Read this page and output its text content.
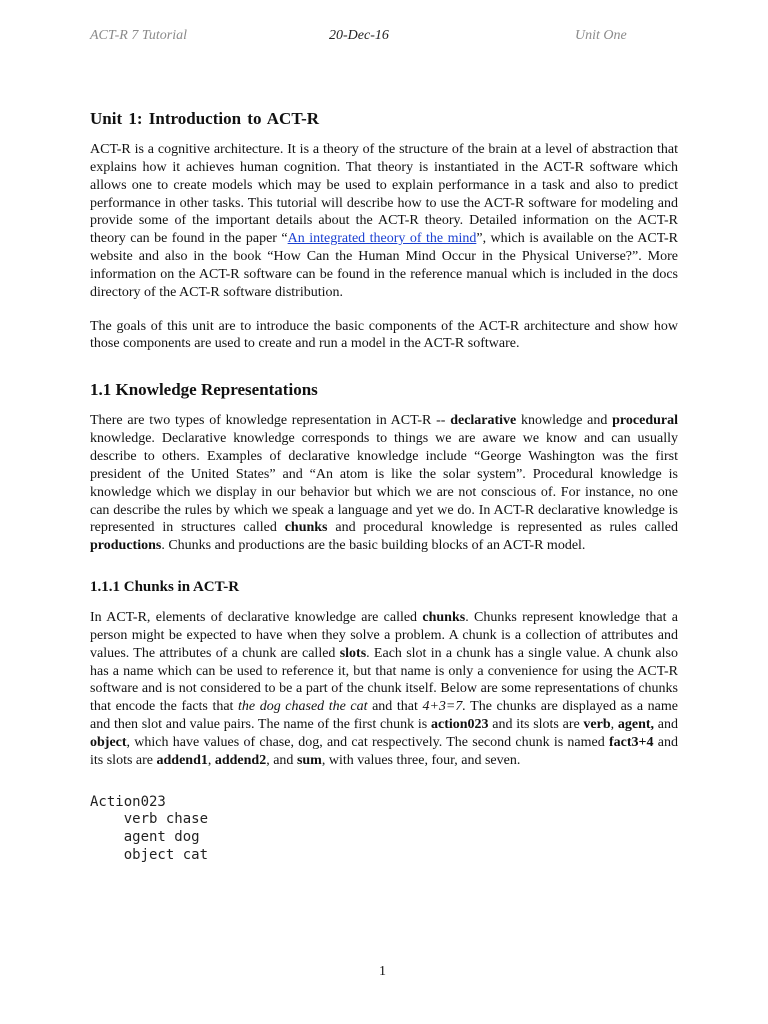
ACT-R 7 Tutorial	20-Dec-16	Unit One
Unit 1: Introduction to ACT-R

ACT-R is a cognitive architecture. It is a theory of the structure of the brain at a level of abstraction that explains how it achieves human cognition. That theory is instantiated in the ACT-R software which allows one to create models which may be used to explain performance in a task and also to predict performance in other tasks. This tutorial will describe how to use the ACT-R software for modeling and provide some of the important details about the ACT-R theory. Detailed information on the ACT-R theory can be found in the paper “An integrated theory of the mind”, which is available on the ACT-R website and also in the book “How Can the Human Mind Occur in the Physical Universe?”. More information on the ACT-R software can be found in the reference manual which is included in the docs directory of the ACT-R software distribution.

The goals of this unit are to introduce the basic components of the ACT-R architecture and show how those components are used to create and run a model in the ACT-R software.

1.1 Knowledge Representations

There are two types of knowledge representation in ACT-R -- declarative knowledge and procedural knowledge. Declarative knowledge corresponds to things we are aware we know and can usually describe to others. Examples of declarative knowledge include “George Washington was the first president of the United States” and “An atom is like the solar system”. Procedural knowledge is knowledge which we display in our behavior but which we are not conscious of. For instance, no one can describe the rules by which we speak a language and yet we do. In ACT-R declarative knowledge is represented in structures called chunks and procedural knowledge is represented as rules called productions. Chunks and productions are the basic building blocks of an ACT-R model.

1.1.1 Chunks in ACT-R

In ACT-R, elements of declarative knowledge are called chunks. Chunks represent knowledge that a person might be expected to have when they solve a problem. A chunk is a collection of attributes and values. The attributes of a chunk are called slots. Each slot in a chunk has a single value. A chunk also has a name which can be used to reference it, but that name is only a convenience for using the ACT-R software and is not considered to be a part of the chunk itself. Below are some representations of chunks that encode the facts that the dog chased the cat and that 4+3=7. The chunks are displayed as a name and then slot and value pairs. The name of the first chunk is action023 and its slots are verb, agent, and object, which have values of chase, dog, and cat respectively. The second chunk is named fact3+4 and its slots are addend1, addend2, and sum, with values three, four, and seven.

Action023
verb chase
agent dog
object cat
1
